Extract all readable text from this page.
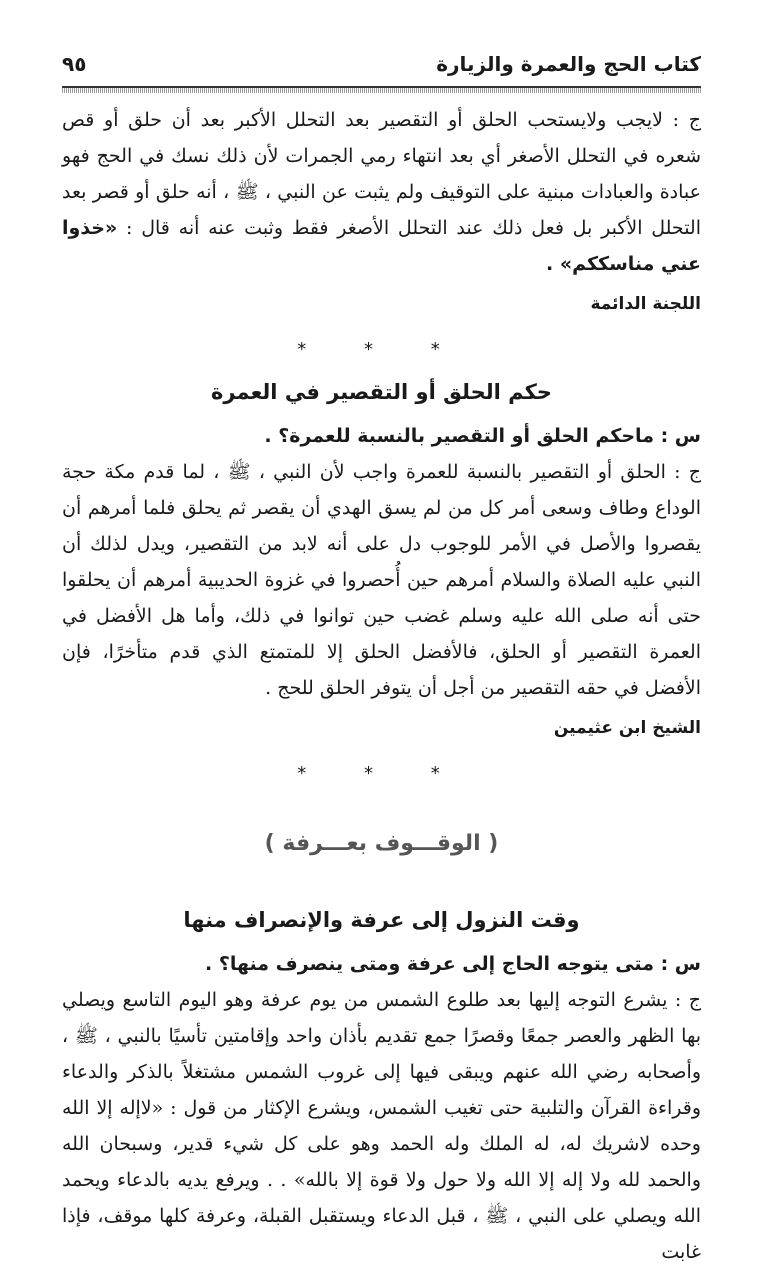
كتاب الحج والعمرة والزيارة
٩٥

ج : لايجب ولايستحب الحلق أو التقصير بعد التحلل الأكبر بعد أن حلق أو قص شعره في التحلل الأصغر أي بعد انتهاء رمي الجمرات لأن ذلك نسك في الحج فهو عبادة والعبادات مبنية على التوقيف ولم يثبت عن النبي ، ﷺ ، أنه حلق أو قصر بعد التحلل الأكبر بل فعل ذلك عند التحلل الأصغر فقط وثبت عنه أنه قال : «خذوا عني مناسككم» .

اللجنة الدائمة
* * *
حكم الحلق أو التقصير في العمرة

س : ماحكم الحلق أو التقصير بالنسبة للعمرة؟ .

ج : الحلق أو التقصير بالنسبة للعمرة واجب لأن النبي ، ﷺ ، لما قدم مكة حجة الوداع وطاف وسعى أمر كل من لم يسق الهدي أن يقصر ثم يحلق فلما أمرهم أن يقصروا والأصل في الأمر للوجوب دل على أنه لابد من التقصير، ويدل لذلك أن النبي عليه الصلاة والسلام أمرهم حين أُحصروا في غزوة الحديبية أمرهم أن يحلقوا حتى أنه صلى الله عليه وسلم غضب حين توانوا في ذلك، وأما هل الأفضل في العمرة التقصير أو الحلق، فالأفضل الحلق إلا للمتمتع الذي قدم متأخرًا، فإن الأفضل في حقه التقصير من أجل أن يتوفر الحلق للحج .

الشيخ ابن عثيمين
* * *
( الوقـــوف بعـــرفة )
وقت النزول إلى عرفة والإنصراف منها

س : متى يتوجه الحاج إلى عرفة ومتى ينصرف منها؟ .

ج : يشرع التوجه إليها بعد طلوع الشمس من يوم عرفة وهو اليوم التاسع ويصلي بها الظهر والعصر جمعًا وقصرًا جمع تقديم بأذان واحد وإقامتين تأسيًا بالنبي ، ﷺ ، وأصحابه رضي الله عنهم ويبقى فيها إلى غروب الشمس مشتغلاً بالذكر والدعاء وقراءة القرآن والتلبية حتى تغيب الشمس، ويشرع الإكثار من قول : «لاإله إلا الله وحده لاشريك له، له الملك وله الحمد وهو على كل شيء قدير، وسبحان الله والحمد لله ولا إله إلا الله ولا حول ولا قوة إلا بالله» . . ويرفع يديه بالدعاء ويحمد الله ويصلي على النبي ، ﷺ ، قبل الدعاء ويستقبل القبلة، وعرفة كلها موقف، فإذا غابت
